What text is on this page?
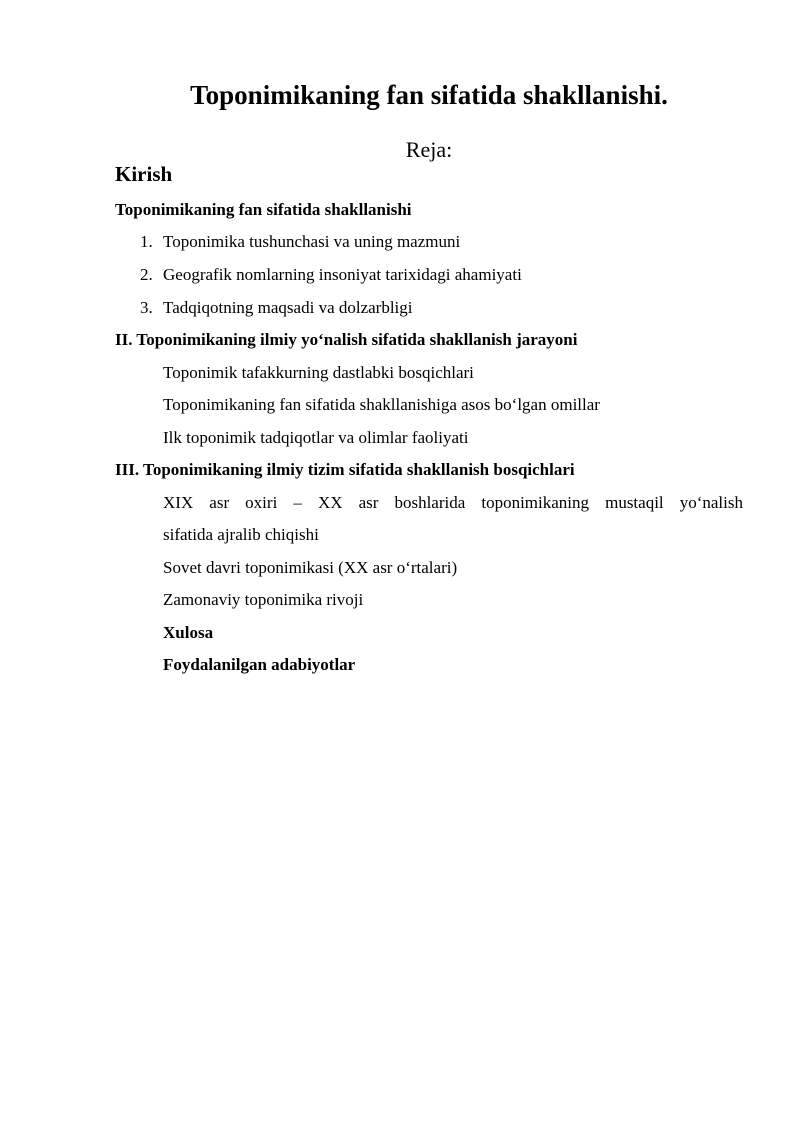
Toponimikaning fan sifatida shakllanishi.
Reja:
Kirish
Toponimikaning fan sifatida shakllanishi
1. Toponimika tushunchasi va uning mazmuni
2. Geografik nomlarning insoniyat tarixidagi ahamiyati
3. Tadqiqotning maqsadi va dolzarbligi
II. Toponimikaning ilmiy yo‘nalish sifatida shakllanish jarayoni
Toponimik tafakkurning dastlabki bosqichlari
Toponimikaning fan sifatida shakllanishiga asos bo‘lgan omillar
Ilk toponimik tadqiqotlar va olimlar faoliyati
III. Toponimikaning ilmiy tizim sifatida shakllanish bosqichlari
XIX asr oxiri – XX asr boshlarida toponimikaning mustaqil yo‘nalish
sifatida ajralib chiqishi
Sovet davri toponimikasi (XX asr o‘rtalari)
Zamonaviy toponimika rivoji
Xulosa
Foydalanilgan adabiyotlar
